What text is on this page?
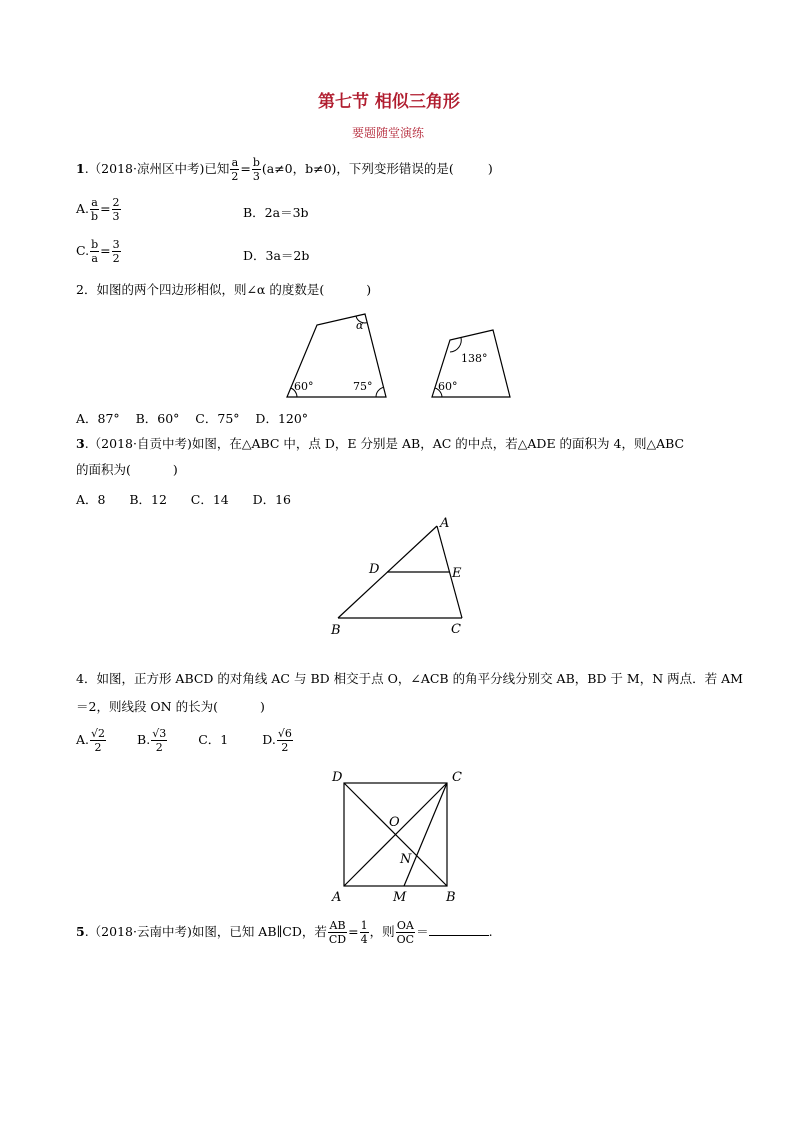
第七节 相似三角形
要题随堂演练
1.（2018·凉州区中考)已知 $\frac{a}{2} = \frac{b}{3} (a\ne 0$，b≠0)，下列变形错误的是(	)
A. $\frac{a}{b} = \frac{2}{3}$	B．2a＝3b
C. $\frac{b}{a} = \frac{3}{2}$	D．3a＝2b
2．如图的两个四边形相似，则∠α 的度数是(	)
α
60°	75°
138°
60°
A．87°    B．60°    C．75°    D．120°
3.（2018·自贡中考)如图，在△ABC 中，点 D，E 分别是 AB，AC 的中点，若△ADE 的面积为 4，则△ABC
的面积为(	)
A．8      B．12      C．14      D．16
A
D	E
B	C
4．如图，正方形 ABCD 的对角线 AC 与 BD 相交于点 O，∠ACB 的角平分线分别交 AB，BD 于 M，N 两点．若 AM
＝2，则线段 ON 的长为(	)
A. $\frac{√2}{2} B$. $\frac{√3}{2}$ C．1	D. $\frac{√6}{2}$
D	C
O
N
A	M	B
5.（2018·云南中考)如图，已知 AB∥CD，若 $\frac{AB}{CD} = \frac{1}{4}$ ，则 $\frac{OA}{OC}$ ＝	.
